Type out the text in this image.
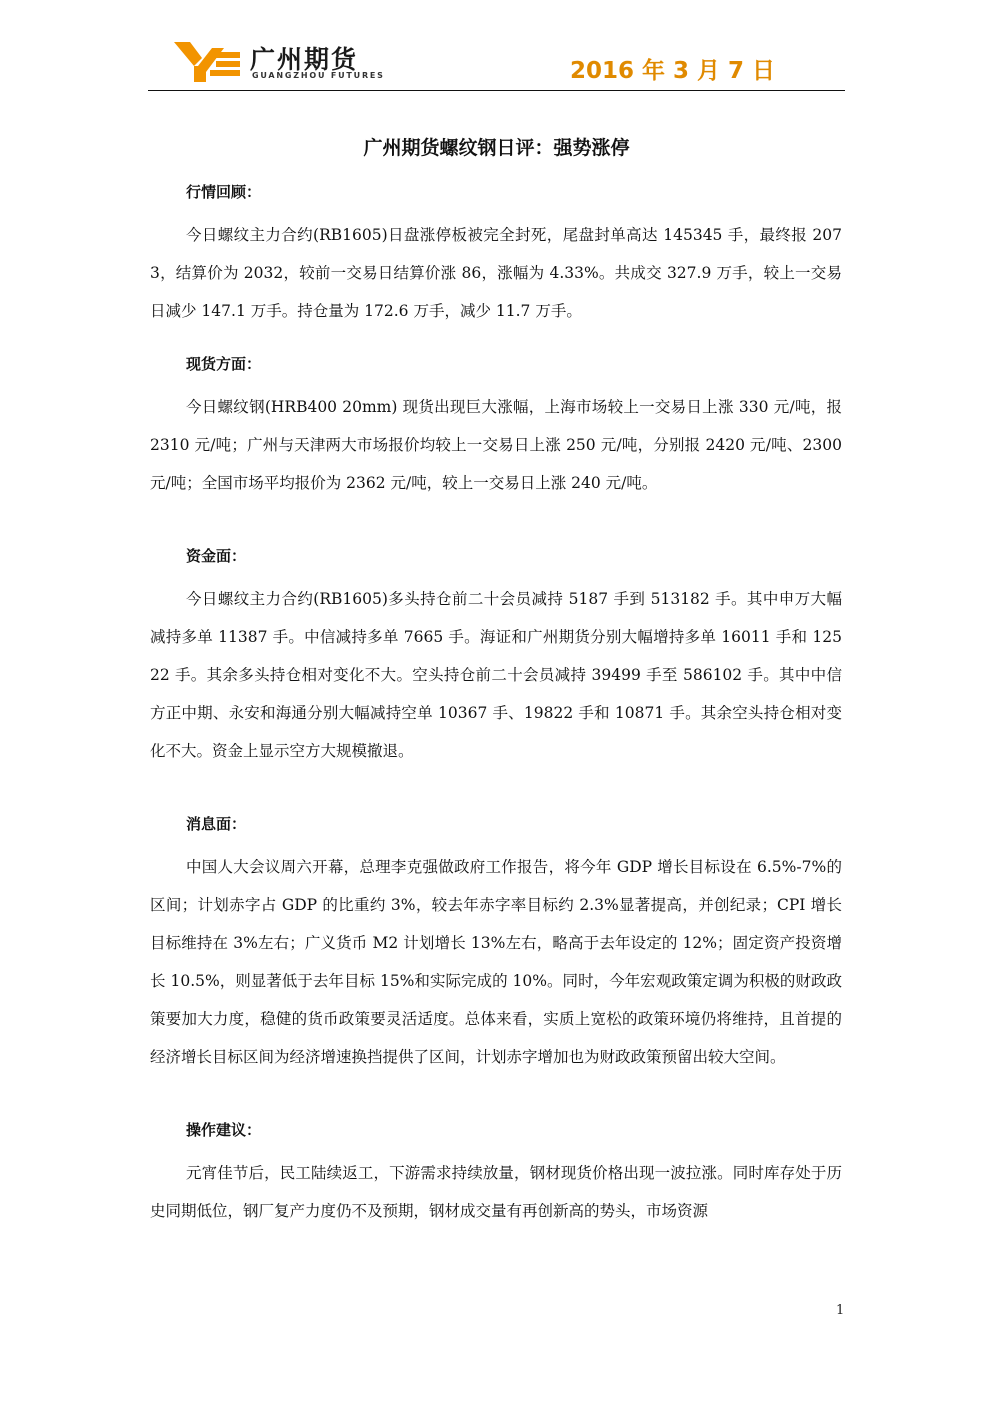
广州期货
GUANGZHOU FUTURES	2016 年 3 月 7 日
广州期货螺纹钢日评：强势涨停
行情回顾：

今日螺纹主力合约(RB1605)日盘涨停板被完全封死，尾盘封单高达 145345 手，最终报 2073，结算价为 2032，较前一交易日结算价涨 86，涨幅为 4.33%。共成交 327.9 万手，较上一交易日减少 147.1 万手。持仓量为 172.6 万手，减少 11.7 万手。

现货方面：

今日螺纹钢(HRB400 20mm) 现货出现巨大涨幅，上海市场较上一交易日上涨 330 元/吨，报 2310 元/吨；广州与天津两大市场报价均较上一交易日上涨 250 元/吨，分别报 2420 元/吨、2300 元/吨；全国市场平均报价为 2362 元/吨，较上一交易日上涨 240 元/吨。

资金面：

今日螺纹主力合约(RB1605)多头持仓前二十会员减持 5187 手到 513182 手。其中申万大幅减持多单 11387 手。中信减持多单 7665 手。海证和广州期货分别大幅增持多单 16011 手和 12522 手。其余多头持仓相对变化不大。空头持仓前二十会员减持 39499 手至 586102 手。其中中信方正中期、永安和海通分别大幅减持空单 10367 手、19822 手和 10871 手。其余空头持仓相对变化不大。资金上显示空方大规模撤退。

消息面：

中国人大会议周六开幕，总理李克强做政府工作报告，将今年 GDP 增长目标设在 6.5%-7%的区间；计划赤字占 GDP 的比重约 3%，较去年赤字率目标约 2.3%显著提高，并创纪录；CPI 增长目标维持在 3%左右；广义货币 M2 计划增长 13%左右，略高于去年设定的 12%；固定资产投资增长 10.5%，则显著低于去年目标 15%和实际完成的 10%。同时，今年宏观政策定调为积极的财政政策要加大力度，稳健的货币政策要灵活适度。总体来看，实质上宽松的政策环境仍将维持，且首提的经济增长目标区间为经济增速换挡提供了区间，计划赤字增加也为财政政策预留出较大空间。

操作建议：

元宵佳节后，民工陆续返工，下游需求持续放量，钢材现货价格出现一波拉涨。同时库存处于历史同期低位，钢厂复产力度仍不及预期，钢材成交量有再创新高的势头，市场资源

1
